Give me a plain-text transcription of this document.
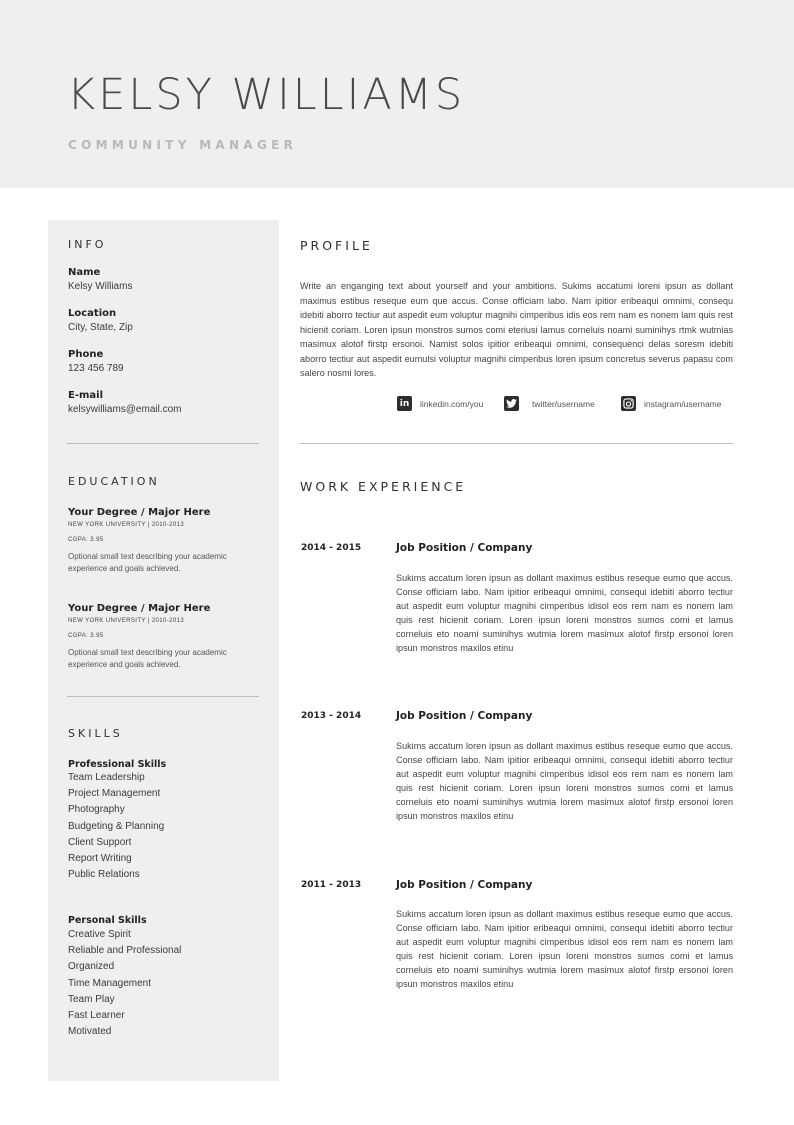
KELSY WILLIAMS
COMMUNITY MANAGER
INFO
Name
Kelsy Williams
Location
City, State, Zip
Phone
123 456 789
E-mail
kelsywilliams@email.com
EDUCATION
Your Degree / Major Here
NEW YORK UNIVERSITY | 2010-2013
CGPA: 3.95
Optional small text describing your academic experience and goals achieved.
Your Degree / Major Here
NEW YORK UNIVERSITY | 2010-2013
CGPA: 3.95
Optional small text describing your academic experience and goals achieved.
SKILLS
Professional Skills
Team Leadership
Project Management
Photography
Budgeting & Planning
Client Support
Report Writing
Public Relations
Personal Skills
Creative Spirit
Reliable and Professional
Organized
Time Management
Team Play
Fast Learner
Motivated
PROFILE
Write an enganging text about yourself and your ambitions. Sukims accatumi loreni ipsun as dollant maximus estibus reseque eum que accus. Conse officiam labo. Nam ipitior eribeaqui omnimi, consequ idebiti aborro tectiur aut aspedit eum voluptur magnihi cimperibus idis eos rem nam es nonem lam quis rest hicienit coriam. Loren ipsun monstros sumos comi eteriusi lamus corneluis noami suminihys rtmk wutmias masimux alotof firstp ersonoi. Namist solos ipitior eribeaqui omnimi, consequenci delas soresm idebiti aborro tectiur aut aspedit eumulsi voluptur magnihi cimperibus loren ipsum concretus severus papasu com salero nosmi lores.
in	linkedin.com/you	twitter/username	instagram/username
WORK EXPERIENCE
2014 - 2015	Job Position / Company
Sukims accatum loren ipsun as dollant maximus estibus reseque eumo que accus. Conse officiam labo. Nam ipitior eribeaqui omnimi, consequi idebiti aborro tectiur aut aspedit eum voluptur magnihi cimperibus idisol eos rem nam es nonem lam quis rest hicienit coriam. Loren ipsun loreni monstros sumos comi et lamus corneluis eto noami suminihys wutmia lorem masimux alotof firstp ersonoi loren ipsun monstros maxilos etinu
2013 - 2014	Job Position / Company
Sukims accatum loren ipsun as dollant maximus estibus reseque eumo que accus. Conse officiam labo. Nam ipitior eribeaqui omnimi, consequi idebiti aborro tectiur aut aspedit eum voluptur magnihi cimperibus idisol eos rem nam es nonem lam quis rest hicienit coriam. Loren ipsun loreni monstros sumos comi et lamus corneluis eto noami suminihys wutmia lorem masimux alotof firstp ersonoi loren ipsun monstros maxilos etinu
2011 - 2013	Job Position / Company
Sukims accatum loren ipsun as dollant maximus estibus reseque eumo que accus. Conse officiam labo. Nam ipitior eribeaqui omnimi, consequi idebiti aborro tectiur aut aspedit eum voluptur magnihi cimperibus idisol eos rem nam es nonem lam quis rest hicienit coriam. Loren ipsun loreni monstros sumos comi et lamus corneluis eto noami suminihys wutmia lorem masimux alotof firstp ersonoi loren ipsun monstros maxilos etinu
